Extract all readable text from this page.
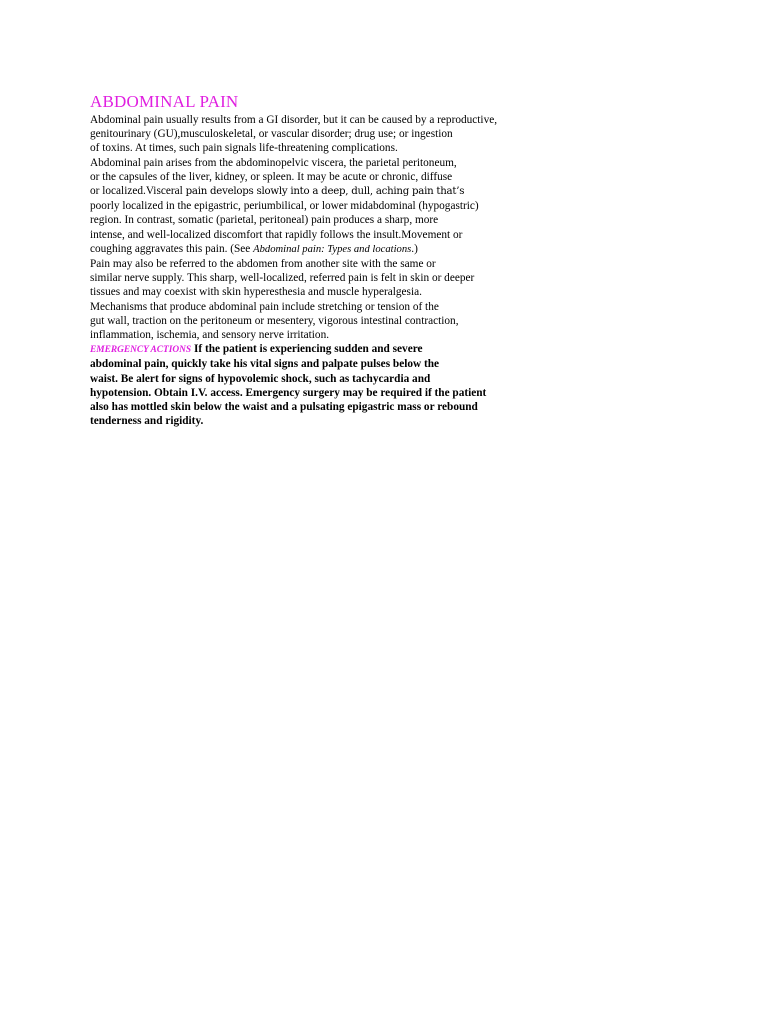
ABDOMINAL PAIN
Abdominal pain usually results from a GI disorder, but it can be caused by a reproductive,
genitourinary (GU),musculoskeletal, or vascular disorder; drug use; or ingestion
of toxins. At times, such pain signals life-threatening complications.
Abdominal pain arises from the abdominopelvic viscera, the parietal peritoneum,
or the capsules of the liver, kidney, or spleen. It may be acute or chronic, diffuse
or localized.Visceral pain develops slowly into a deep, dull, aching pain that’s
poorly localized in the epigastric, periumbilical, or lower midabdominal (hypogastric)
region. In contrast, somatic (parietal, peritoneal) pain produces a sharp, more
intense, and well-localized discomfort that rapidly follows the insult.Movement or
coughing aggravates this pain. (See Abdominal pain: Types and locations.)
Pain may also be referred to the abdomen from another site with the same or
similar nerve supply. This sharp, well-localized, referred pain is felt in skin or deeper
tissues and may coexist with skin hyperesthesia and muscle hyperalgesia.
Mechanisms that produce abdominal pain include stretching or tension of the
gut wall, traction on the peritoneum or mesentery, vigorous intestinal contraction,
inflammation, ischemia, and sensory nerve irritation.
EMERGENCY ACTIONS If the patient is experiencing sudden and severe
abdominal pain, quickly take his vital signs and palpate pulses below the
waist. Be alert for signs of hypovolemic shock, such as tachycardia and
hypotension. Obtain I.V. access. Emergency surgery may be required if the patient
also has mottled skin below the waist and a pulsating epigastric mass or rebound
tenderness and rigidity.
